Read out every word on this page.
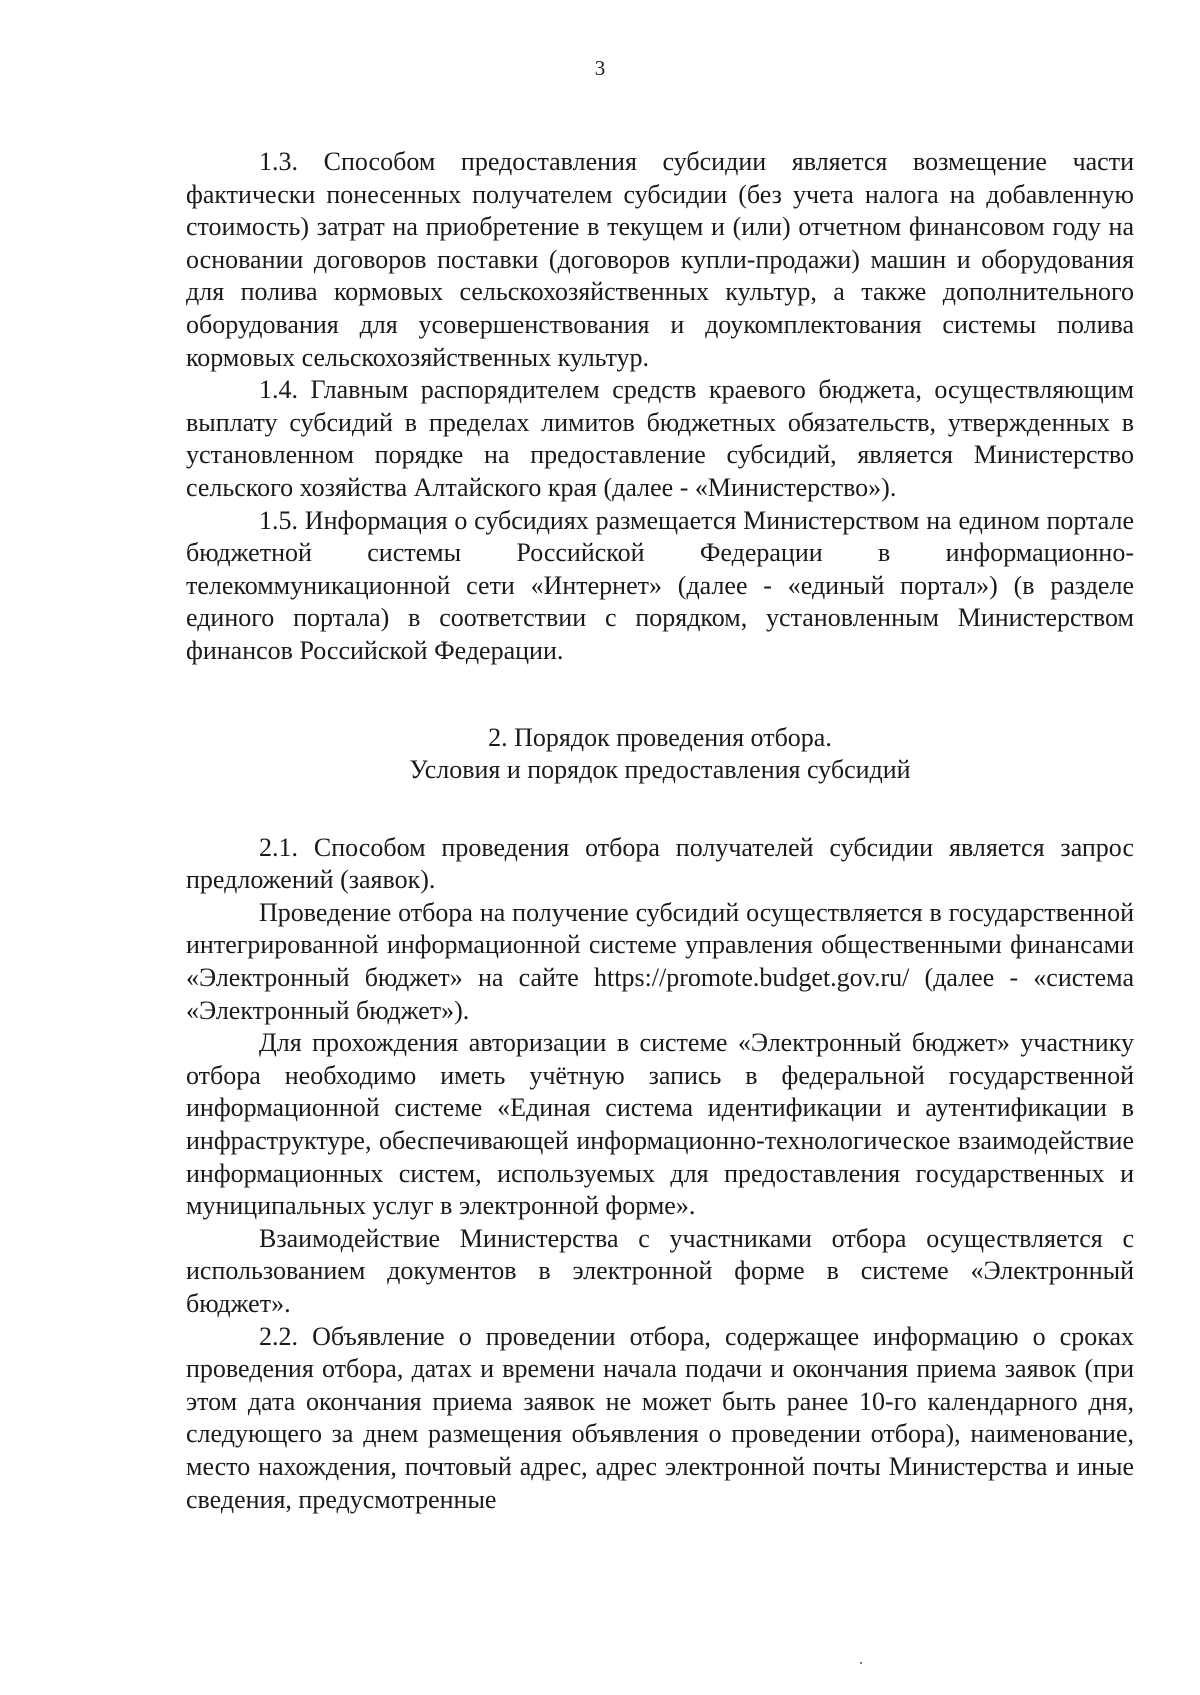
3

1.3. Способом предоставления субсидии является возмещение части фактически понесенных получателем субсидии (без учета налога на добавленную стоимость) затрат на приобретение в текущем и (или) отчетном финансовом году на основании договоров поставки (договоров купли-продажи) машин и оборудования для полива кормовых сельскохозяйственных культур, а также дополнительного оборудования для усовершенствования и доукомплектования системы полива кормовых сельскохозяйственных культур.

1.4. Главным распорядителем средств краевого бюджета, осуществляющим выплату субсидий в пределах лимитов бюджетных обязательств, утвержденных в установленном порядке на предоставление субсидий, является Министерство сельского хозяйства Алтайского края (далее - «Министерство»).

1.5. Информация о субсидиях размещается Министерством на едином портале бюджетной системы Российской Федерации в информационно-телекоммуникационной сети «Интернет» (далее - «единый портал») (в разделе единого портала) в соответствии с порядком, установленным Министерством финансов Российской Федерации.

2. Порядок проведения отбора.

Условия и порядок предоставления субсидий

2.1. Способом проведения отбора получателей субсидии является запрос предложений (заявок).

Проведение отбора на получение субсидий осуществляется в государственной интегрированной информационной системе управления общественными финансами «Электронный бюджет» на сайте https://promote.budget.gov.ru/ (далее - «система «Электронный бюджет»).

Для прохождения авторизации в системе «Электронный бюджет» участнику отбора необходимо иметь учётную запись в федеральной государственной информационной системе «Единая система идентификации и аутентификации в инфраструктуре, обеспечивающей информационно-технологическое взаимодействие информационных систем, используемых для предоставления государственных и муниципальных услуг в электронной форме».

Взаимодействие Министерства с участниками отбора осуществляется с использованием документов в электронной форме в системе «Электронный бюджет».

2.2. Объявление о проведении отбора, содержащее информацию о сроках проведения отбора, датах и времени начала подачи и окончания приема заявок (при этом дата окончания приема заявок не может быть ранее 10-го календарного дня, следующего за днем размещения объявления о проведении отбора), наименование, место нахождения, почтовый адрес, адрес электронной почты Министерства и иные сведения, предусмотренные
